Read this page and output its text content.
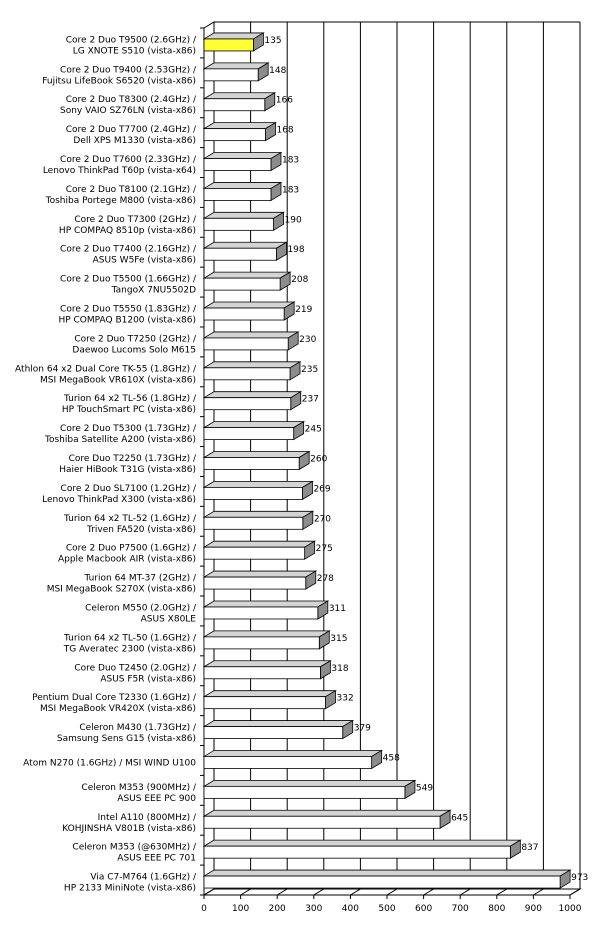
0	100 200 300 400 500 600 700 800 900 1000
135
Core 2 Duo T9500 (2.6GHz) / LG XNOTE S510 (vista-x86)
148
Core 2 Duo T9400 (2.53GHz) / Fujitsu LifeBook S6520 (vista-x86)
166
Core 2 Duo T8300 (2.4GHz) / Sony VAIO SZ76LN (vista-x86)
168
Core 2 Duo T7700 (2.4GHz) / Dell XPS M1330 (vista-x86)
183
Core 2 Duo T7600 (2.33GHz) / Lenovo ThinkPad T60p (vista-x64)
183
Core 2 Duo T8100 (2.1GHz) / Toshiba Portege M800 (vista-x86)
190
Core 2 Duo T7300 (2GHz) / HP COMPAQ 8510p (vista-x86)
198
Core 2 Duo T7400 (2.16GHz) / ASUS W5Fe (vista-x86)
208
Core 2 Duo T5500 (1.66GHz) / TangoX 7NU5502D
219
Core 2 Duo T5550 (1.83GHz) / HP COMPAQ B1200 (vista-x86)
230
Core 2 Duo T7250 (2GHz) / Daewoo Lucoms Solo M615
235
Athlon 64 x2 Dual Core TK-55 (1.8GHz) / MSI MegaBook VR610X (vista-x86)
237
Turion 64 x2 TL-56 (1.8GHz) / HP TouchSmart PC (vista-x86)
245
Core 2 Duo T5300 (1.73GHz) / Toshiba Satellite A200 (vista-x86)
260
Core Duo T2250 (1.73GHz) / Haier HiBook T31G (vista-x86)
269
Core 2 Duo SL7100 (1.2GHz) / Lenovo ThinkPad X300 (vista-x86)
270
Turion 64 x2 TL-52 (1.6GHz) / Triven FA520 (vista-x86)
275
Core 2 Duo P7500 (1.6GHz) / Apple Macbook AIR (vista-x86)
278
Turion 64 MT-37 (2GHz) / MSI MegaBook S270X (vista-x86)
311
Celeron M550 (2.0GHz) / ASUS X80LE
315
Turion 64 x2 TL-50 (1.6GHz) / TG Averatec 2300 (vista-x86)
318
Core Duo T2450 (2.0GHz) / ASUS F5R (vista-x86)
332
Pentium Dual Core T2330 (1.6GHz) / MSI MegaBook VR420X (vista-x86)
379
Celeron M430 (1.73GHz) / Samsung Sens G15 (vista-x86)
458
Atom N270 (1.6GHz) / MSI WIND U100
549
Celeron M353 (900MHz) / ASUS EEE PC 900
645
Intel A110 (800MHz) / KOHJINSHA V801B (vista-x86)
837
Celeron M353 (@630MHz) / ASUS EEE PC 701
973
Via C7-M764 (1.6GHz) / HP 2133 MiniNote (vista-x86)
